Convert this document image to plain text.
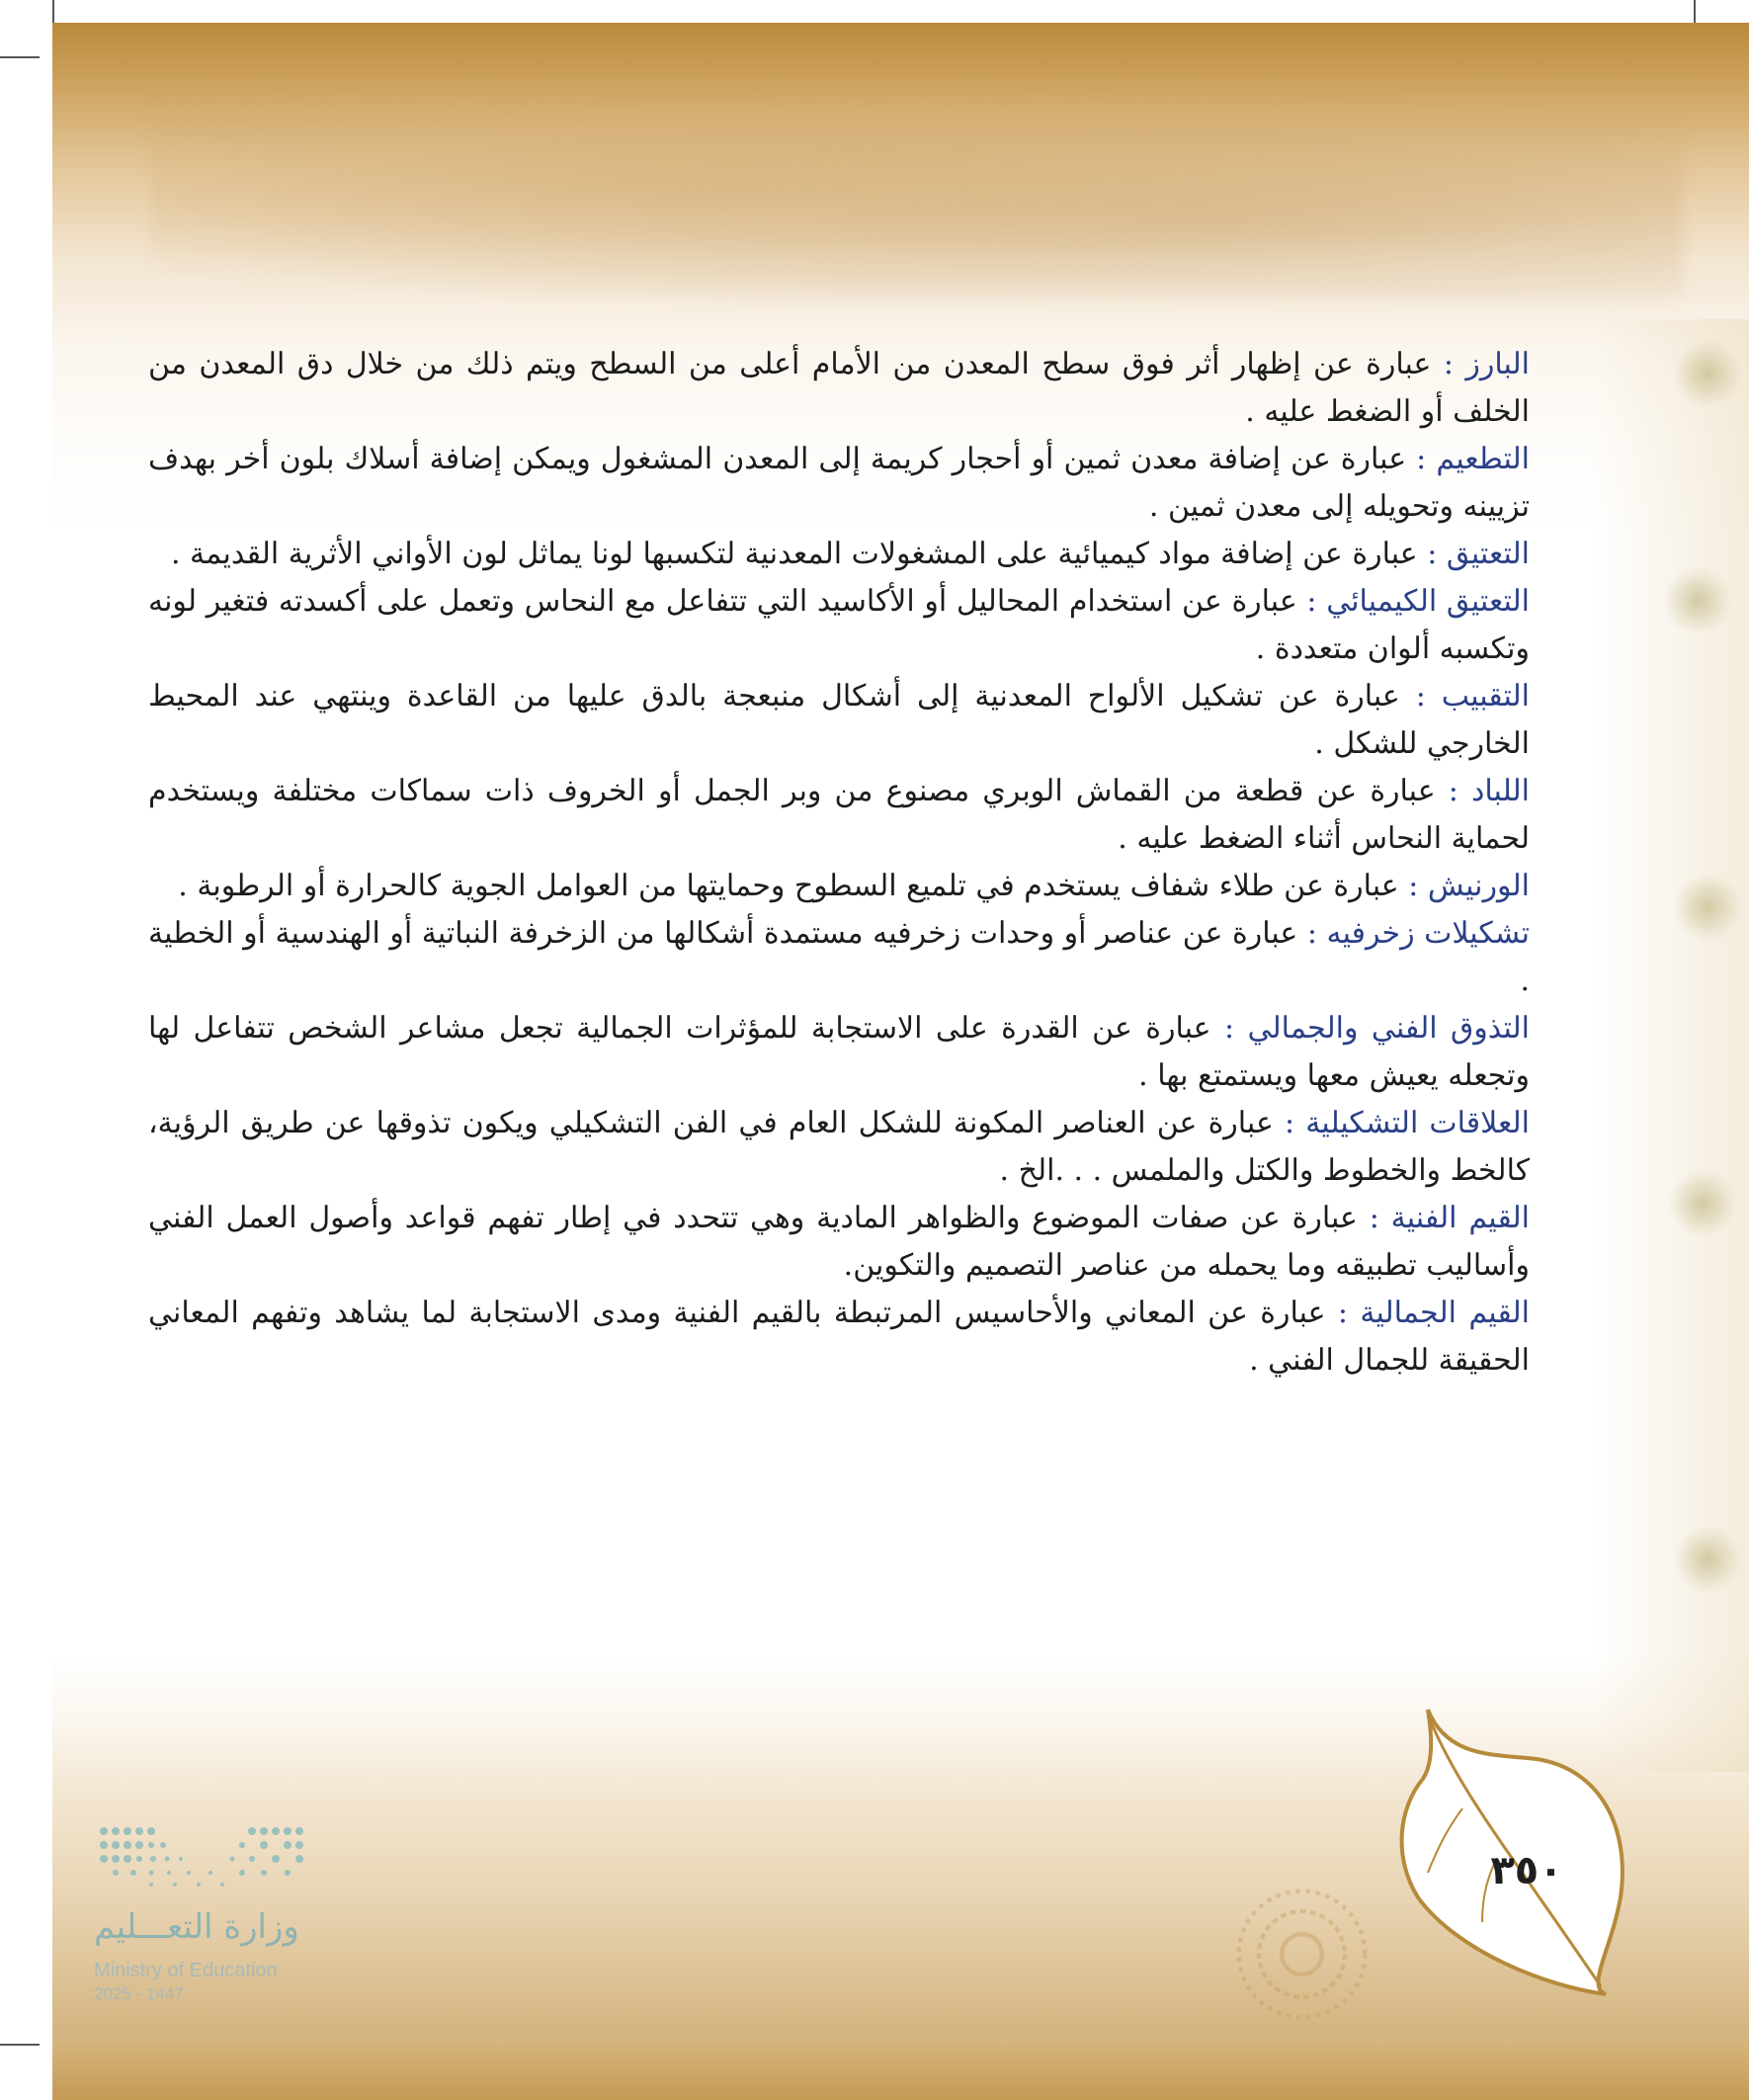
البارز : عبارة عن إظهار أثر فوق سطح المعدن من الأمام أعلى من السطح ويتم ذلك من خلال دق المعدن من الخلف أو الضغط عليه .

التطعيم : عبارة عن إضافة معدن ثمين أو أحجار كريمة إلى المعدن المشغول ويمكن إضافة أسلاك بلون أخر بهدف تزيينه وتحويله إلى معدن ثمين .

التعتيق : عبارة عن إضافة مواد كيميائية على المشغولات المعدنية لتكسبها لونا يماثل لون الأواني الأثرية القديمة .

التعتيق الكيميائي : عبارة عن استخدام المحاليل أو الأكاسيد التي تتفاعل مع النحاس وتعمل على أكسدته فتغير لونه وتكسبه ألوان متعددة .

التقبيب : عبارة عن تشكيل الألواح المعدنية إلى أشكال منبعجة بالدق عليها من القاعدة وينتهي عند المحيط الخارجي للشكل .

اللباد : عبارة عن قطعة من القماش الوبري مصنوع من وبر الجمل أو الخروف ذات سماكات مختلفة ويستخدم لحماية النحاس أثناء الضغط عليه .

الورنيش : عبارة عن طلاء شفاف يستخدم في تلميع السطوح وحمايتها من العوامل الجوية كالحرارة أو الرطوبة .

تشكيلات زخرفيه : عبارة عن عناصر أو وحدات زخرفيه مستمدة أشكالها من الزخرفة النباتية أو الهندسية أو الخطية .

التذوق الفني والجمالي : عبارة عن القدرة على الاستجابة للمؤثرات الجمالية تجعل مشاعر الشخص تتفاعل لها وتجعله يعيش معها ويستمتع بها .

العلاقات التشكيلية : عبارة عن العناصر المكونة للشكل العام في الفن التشكيلي ويكون تذوقها عن طريق الرؤية، كالخط والخطوط والكتل والملمس . . .الخ .

القيم الفنية : عبارة عن صفات الموضوع والظواهر المادية وهي تتحدد في إطار تفهم قواعد وأصول العمل الفني وأساليب تطبيقه وما يحمله من عناصر التصميم والتكوين.

القيم الجمالية : عبارة عن المعاني والأحاسيس المرتبطة بالقيم الفنية ومدى الاستجابة لما يشاهد وتفهم المعاني الحقيقة للجمال الفني .

٣٥٠
وزارة التعـــليم
Ministry of Education
2025 - 1447
